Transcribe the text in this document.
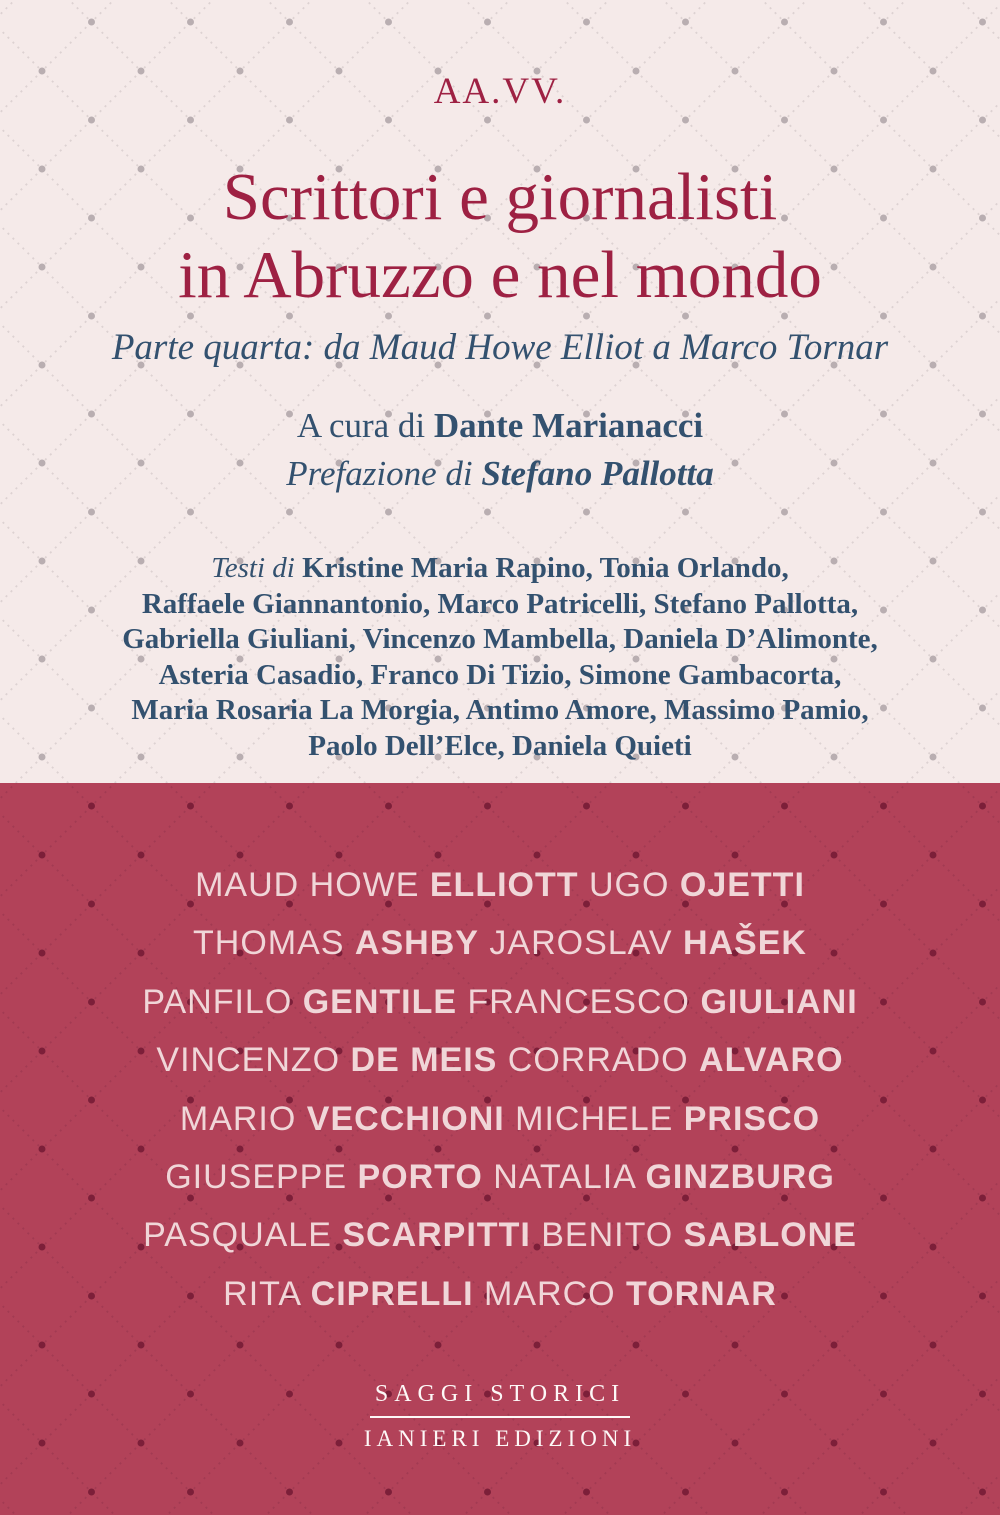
AA.VV.
Scrittori e giornalisti
in Abruzzo e nel mondo
Parte quarta: da Maud Howe Elliot a Marco Tornar
A cura di Dante Marianacci
Prefazione di Stefano Pallotta
Testi di Kristine Maria Rapino, Tonia Orlando,
Raffaele Giannantonio, Marco Patricelli, Stefano Pallotta,
Gabriella Giuliani, Vincenzo Mambella, Daniela D’Alimonte,
Asteria Casadio, Franco Di Tizio, Simone Gambacorta,
Maria Rosaria La Morgia, Antimo Amore, Massimo Pamio,
Paolo Dell’Elce, Daniela Quieti
MAUD HOWE ELLIOTT UGO OJETTI
THOMAS ASHBY JAROSLAV HAŠEK
PANFILO GENTILE FRANCESCO GIULIANI
VINCENZO DE MEIS CORRADO ALVARO
MARIO VECCHIONI MICHELE PRISCO
GIUSEPPE PORTO NATALIA GINZBURG
PASQUALE SCARPITTI BENITO SABLONE
RITA CIPRELLI MARCO TORNAR
SAGGI STORICI
IANIERI EDIZIONI
